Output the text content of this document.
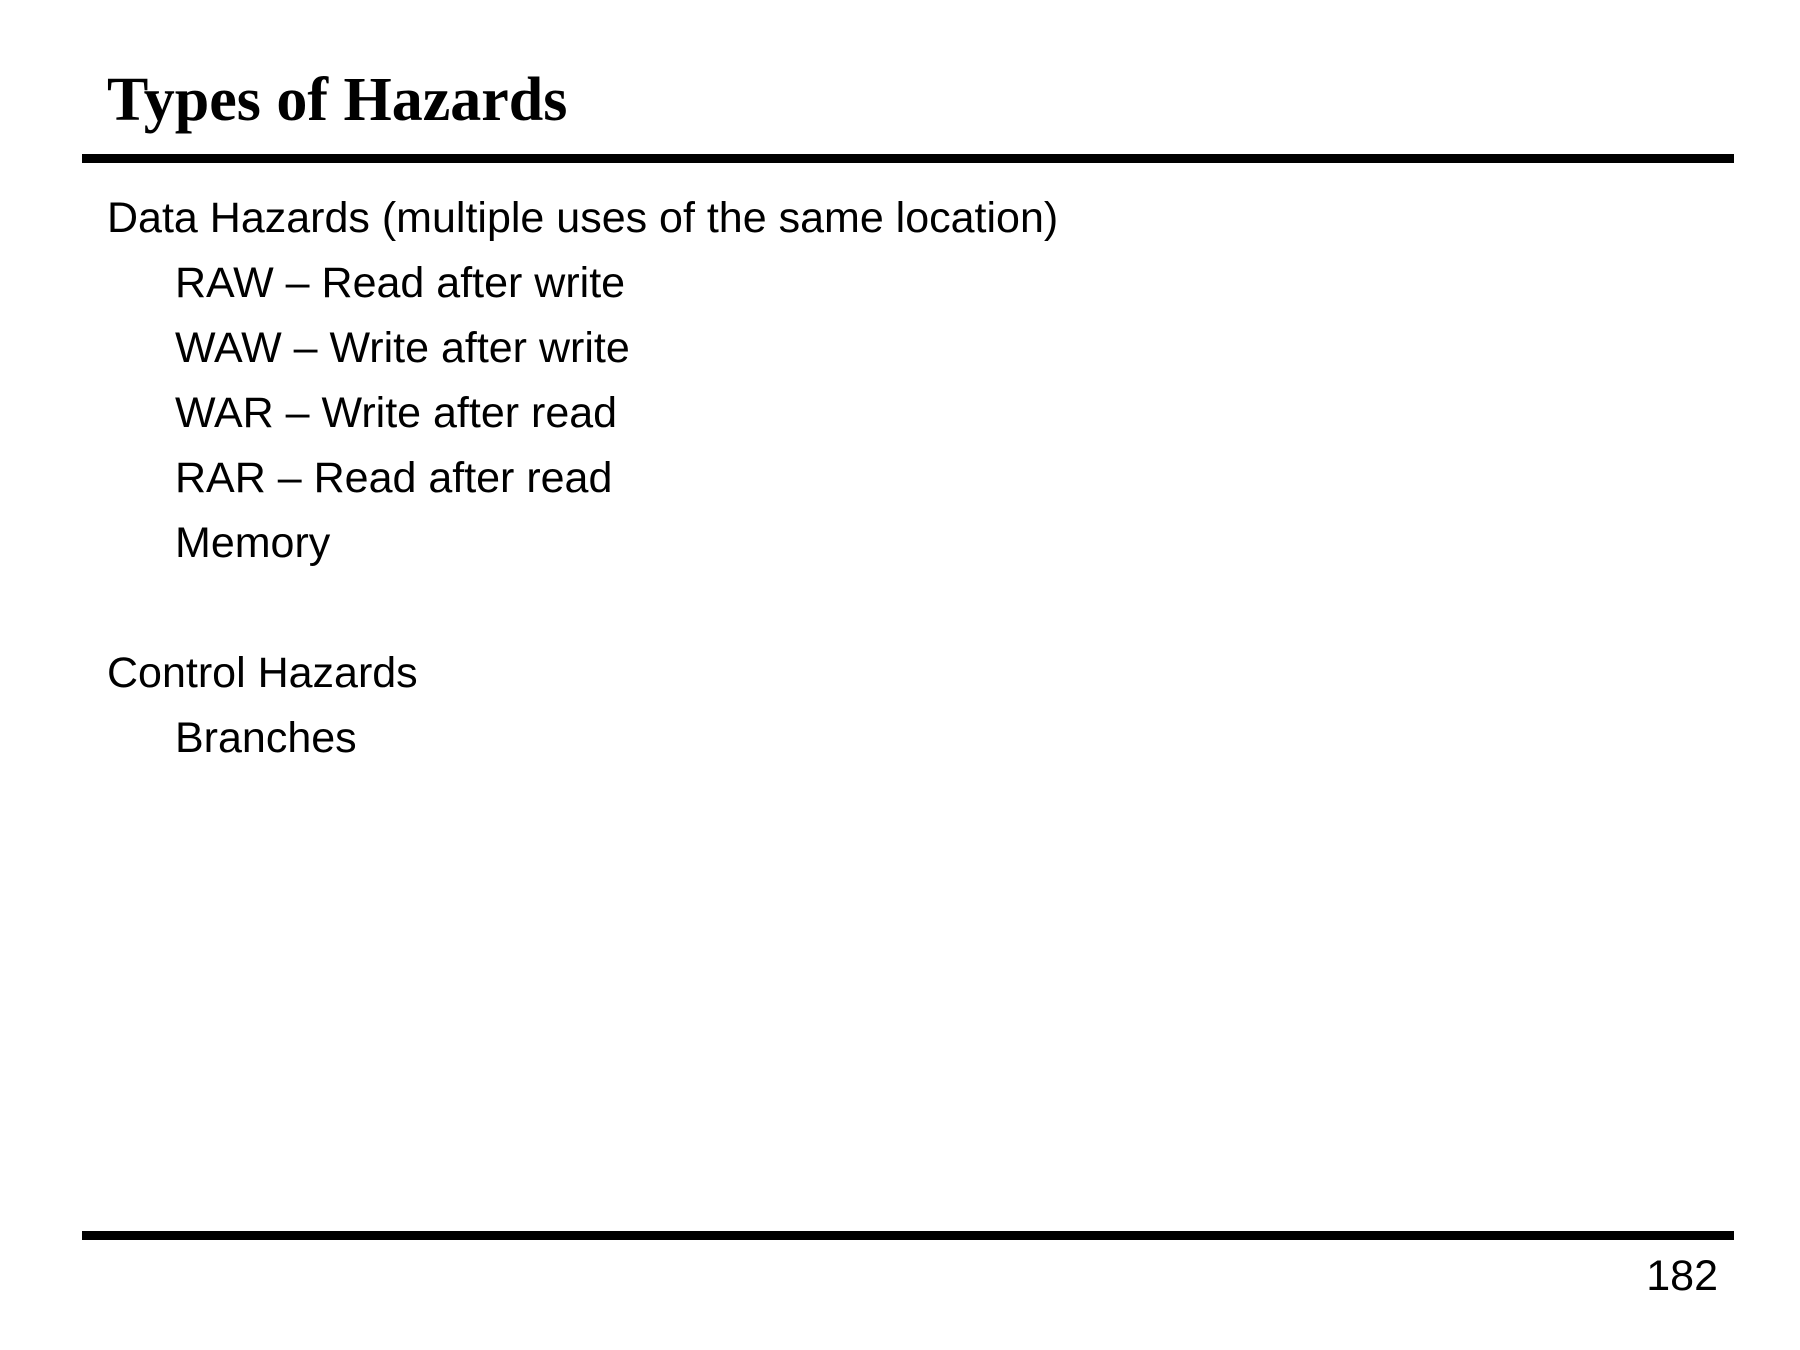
Types of Hazards
Data Hazards (multiple uses of the same location)
RAW – Read after write
WAW – Write after write
WAR – Write after read
RAR – Read after read
Memory
Control Hazards
Branches
182
